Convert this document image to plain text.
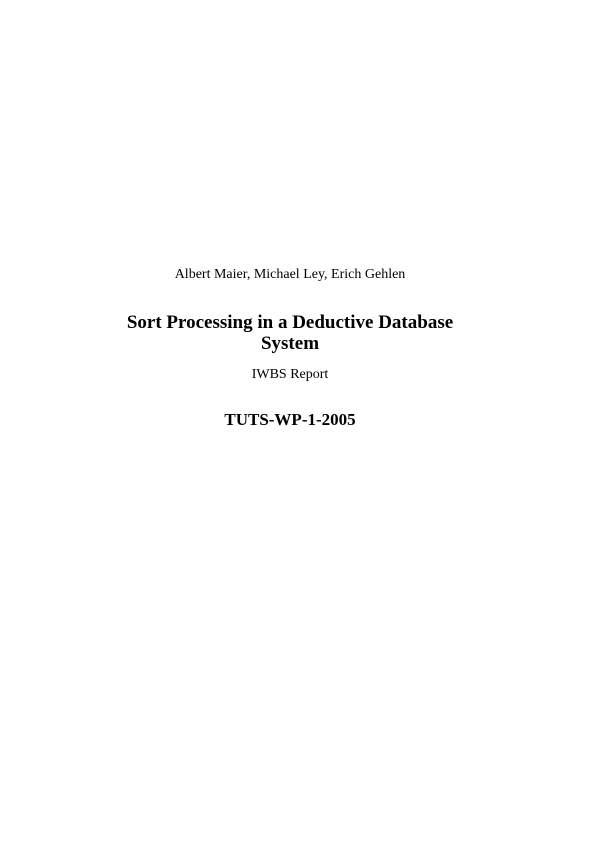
Albert Maier, Michael Ley, Erich Gehlen
Sort Processing in a Deductive Database
System
IWBS Report
TUTS-WP-1-2005
